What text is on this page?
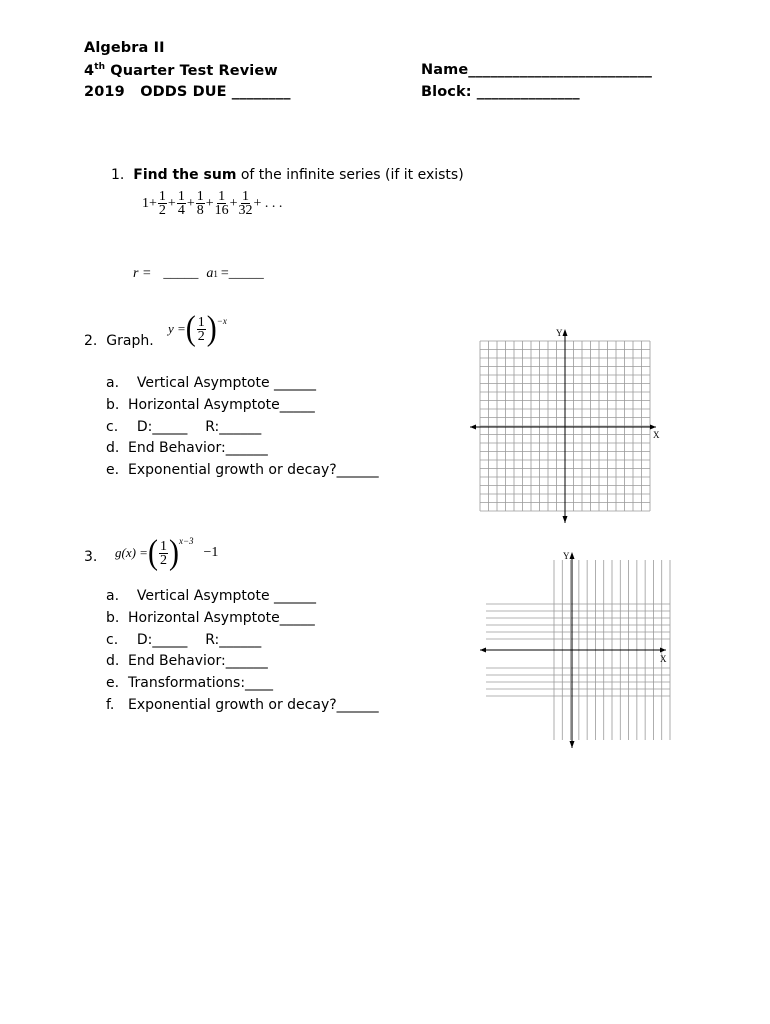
Algebra II
4th Quarter Test Review
2019   ODDS DUE ________
Name_________________________
Block: ______________
1. Find the sum of the infinite series (if it exists)
$1+ \frac{1}{2} + \frac{1}{4} + \frac{1}{8} + \frac{1}{16} + \frac{1}{32}$ + . . .
r = _____ a 1 =_____
2.  Graph.
y = ( $\frac{1}{2}$ ) −x
a.  Vertical Asymptote ______
b. Horizontal Asymptote_____
c.  D:_____    R:______
d. End Behavior:______
e. Exponential growth or decay?______
Y
X
3. g(x) = ( $\frac{1}{2}$ ) x−3
−1
a.  Vertical Asymptote ______
b. Horizontal Asymptote_____
c.  D:_____    R:______
d. End Behavior:______
e. Transformations:____
f. Exponential growth or decay?______
Y
X
